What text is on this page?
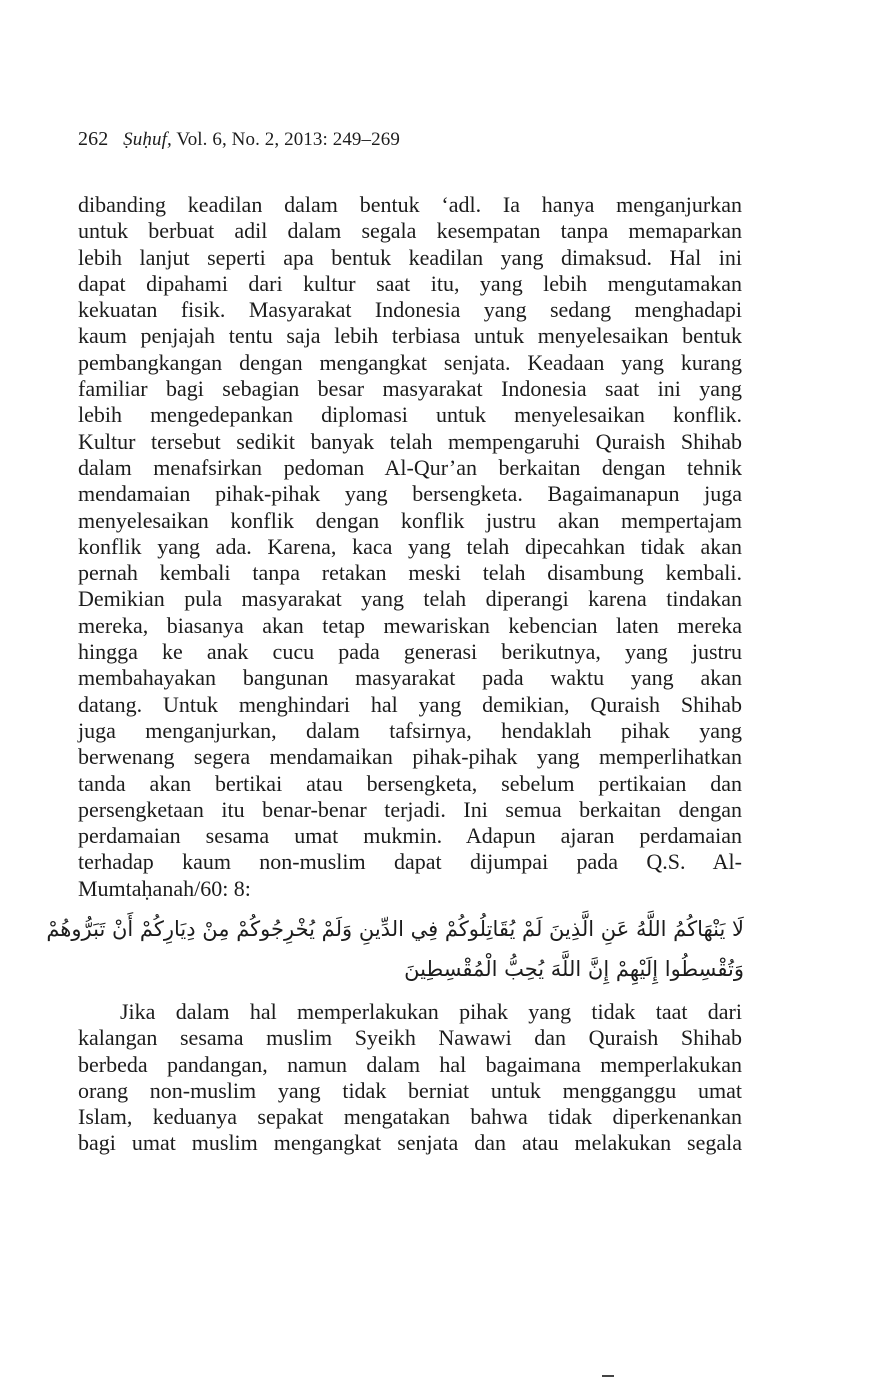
262 Ṣuḥuf, Vol. 6, No. 2, 2013: 249–269
dibanding keadilan dalam bentuk ‘adl. Ia hanya menganjurkan
untuk berbuat adil dalam segala kesempatan tanpa memaparkan
lebih lanjut seperti apa bentuk keadilan yang dimaksud. Hal ini
dapat dipahami dari kultur saat itu, yang lebih mengutamakan
kekuatan fisik. Masyarakat Indonesia yang sedang menghadapi
kaum penjajah tentu saja lebih terbiasa untuk menyelesaikan bentuk
pembangkangan dengan mengangkat senjata. Keadaan yang kurang
familiar bagi sebagian besar masyarakat Indonesia saat ini yang
lebih mengedepankan diplomasi untuk menyelesaikan konflik.
Kultur tersebut sedikit banyak telah mempengaruhi Quraish Shihab
dalam menafsirkan pedoman Al-Qur’an berkaitan dengan tehnik
mendamaian pihak-pihak yang bersengketa. Bagaimanapun juga
menyelesaikan konflik dengan konflik justru akan mempertajam
konflik yang ada. Karena, kaca yang telah dipecahkan tidak akan
pernah kembali tanpa retakan meski telah disambung kembali.
Demikian pula masyarakat yang telah diperangi karena tindakan
mereka, biasanya akan tetap mewariskan kebencian laten mereka
hingga ke anak cucu pada generasi berikutnya, yang justru
membahayakan bangunan masyarakat pada waktu yang akan
datang. Untuk menghindari hal yang demikian, Quraish Shihab
juga menganjurkan, dalam tafsirnya, hendaklah pihak yang
berwenang segera mendamaikan pihak-pihak yang memperlihatkan
tanda akan bertikai atau bersengketa, sebelum pertikaian dan
persengketaan itu benar-benar terjadi. Ini semua berkaitan dengan
perdamaian sesama umat mukmin. Adapun ajaran perdamaian
terhadap kaum non-muslim dapat dijumpai pada Q.S. Al-
Mumtaḥanah/60: 8:
لَا يَنْهَاكُمُ اللَّهُ عَنِ الَّذِينَ لَمْ يُقَاتِلُوكُمْ فِي الدِّينِ وَلَمْ يُخْرِجُوكُمْ مِنْ دِيَارِكُمْ أَنْ تَبَرُّوهُمْ
وَتُقْسِطُوا إِلَيْهِمْ إِنَّ اللَّهَ يُحِبُّ الْمُقْسِطِينَ
Jika dalam hal memperlakukan pihak yang tidak taat dari
kalangan sesama muslim Syeikh Nawawi dan Quraish Shihab
berbeda pandangan, namun dalam hal bagaimana memperlakukan
orang non-muslim yang tidak berniat untuk mengganggu umat
Islam, keduanya sepakat mengatakan bahwa tidak diperkenankan
bagi umat muslim mengangkat senjata dan atau melakukan segala
